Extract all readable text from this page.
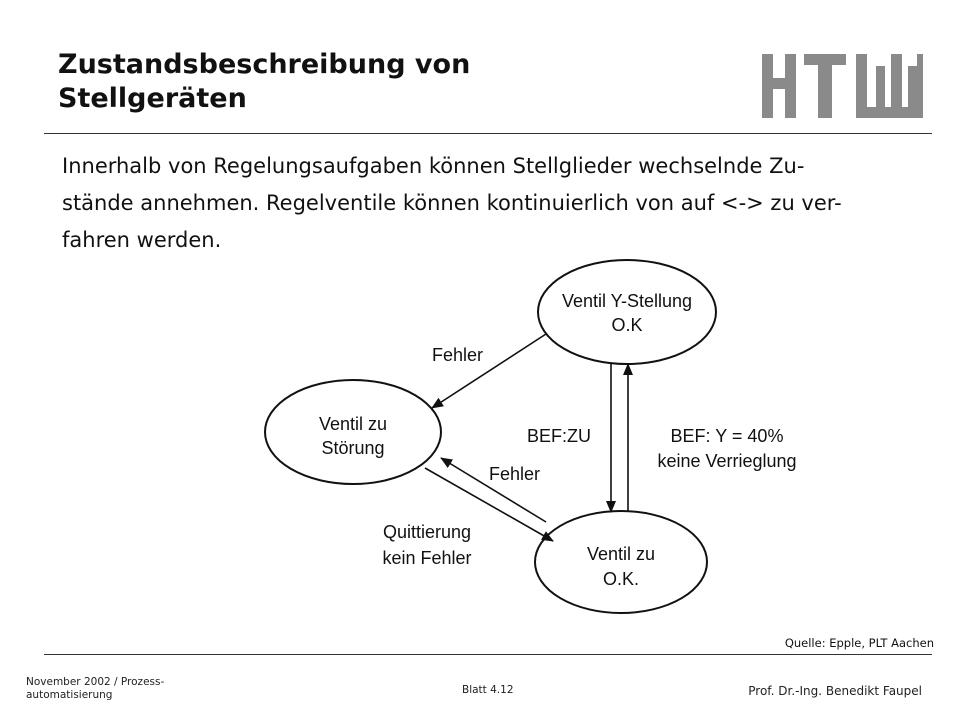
Zustandsbeschreibung von
Stellgeräten
Innerhalb von Regelungsaufgaben können Stellglieder wechselnde Zu-
stände annehmen. Regelventile können kontinuierlich von auf <-> zu ver-
fahren werden.
Ventil Y-Stellung
O.K
Ventil zu
Störung
Ventil zu
O.K.
Fehler
Fehler
Quittierung
kein Fehler
BEF:ZU	BEF: Y = 40%
keine Verrieglung
Quelle: Epple, PLT Aachen
November 2002 / Prozess-
automatisierung	Blatt 4.12	Prof. Dr.-Ing. Benedikt Faupel
